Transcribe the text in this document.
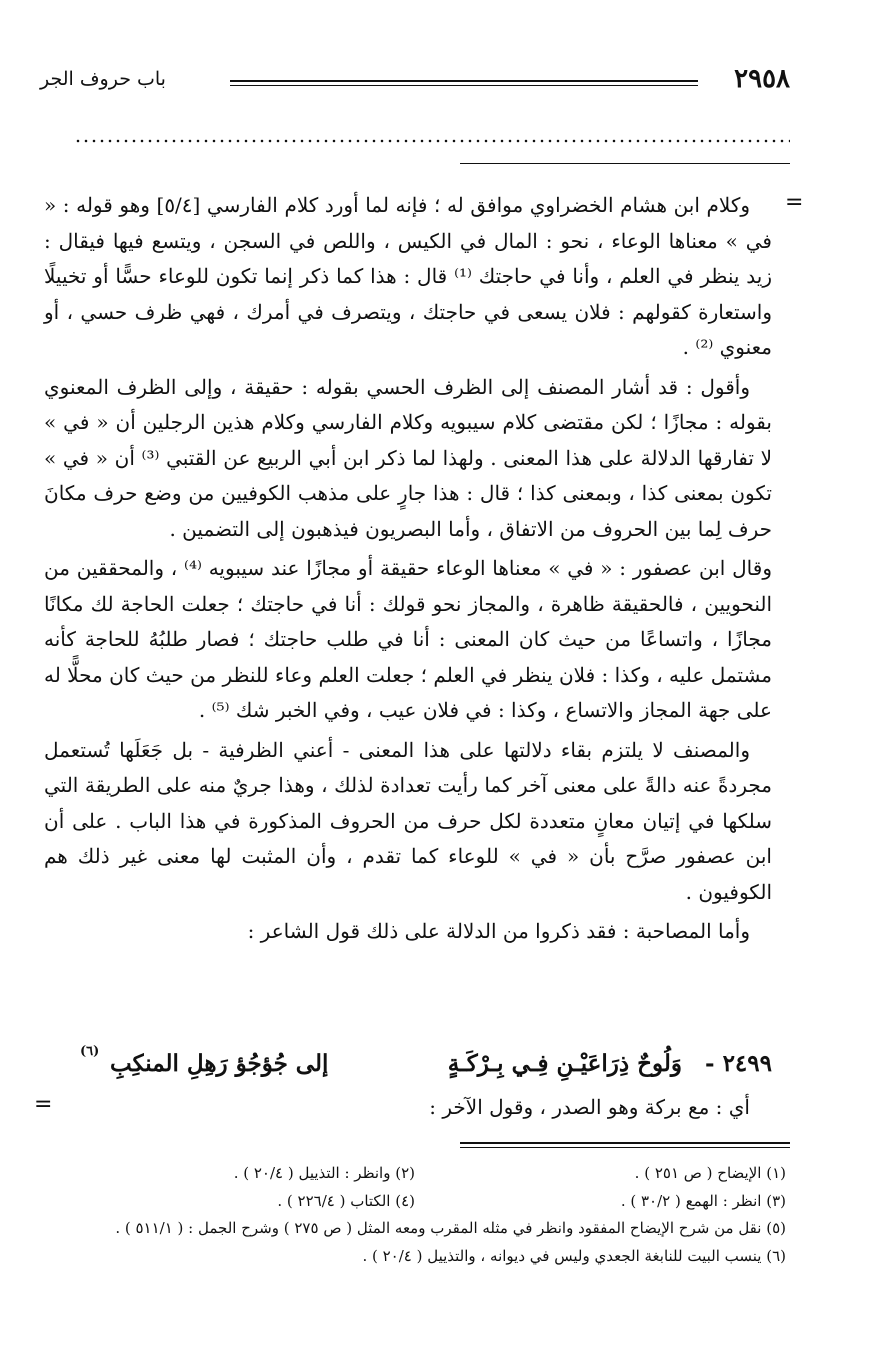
٢٩٥٨
باب حروف الجر
=

وكلام ابن هشام الخضراوي موافق له ؛ فإنه لما أورد كلام الفارسي [٥/٤] وهو قوله : « في » معناها الوعاء ، نحو : المال في الكيس ، واللص في السجن ، ويتسع فيها فيقال : زيد ينظر في العلم ، وأنا في حاجتك ⁽¹⁾ قال : هذا كما ذكر إنما تكون للوعاء حسًّا أو تخييلًا واستعارة كقولهم : فلان يسعى في حاجتك ، ويتصرف في أمرك ، فهي ظرف حسي ، أو معنوي ⁽²⁾ .

وأقول : قد أشار المصنف إلى الظرف الحسي بقوله : حقيقة ، وإلى الظرف المعنوي بقوله : مجازًا ؛ لكن مقتضى كلام سيبويه وكلام الفارسي وكلام هذين الرجلين أن « في » لا تفارقها الدلالة على هذا المعنى . ولهذا لما ذكر ابن أبي الربيع عن القتبي ⁽³⁾ أن « في » تكون بمعنى كذا ، وبمعنى كذا ؛ قال : هذا جارٍ على مذهب الكوفيين من وضع حرف مكانَ حرف لِما بين الحروف من الاتفاق ، وأما البصريون فيذهبون إلى التضمين .

وقال ابن عصفور : « في » معناها الوعاء حقيقة أو مجازًا عند سيبويه ⁽⁴⁾ ، والمحققين من النحويين ، فالحقيقة ظاهرة ، والمجاز نحو قولك : أنا في حاجتك ؛ جعلت الحاجة لك مكانًا مجازًا ، واتساعًا من حيث كان المعنى : أنا في طلب حاجتك ؛ فصار طلبُهُ للحاجة كأنه مشتمل عليه ، وكذا : فلان ينظر في العلم ؛ جعلت العلم وعاء للنظر من حيث كان محلًّا له على جهة المجاز والاتساع ، وكذا : في فلان عيب ، وفي الخبر شك ⁽⁵⁾ .

والمصنف لا يلتزم بقاء دلالتها على هذا المعنى - أعني الظرفية - بل جَعَلَها تُستعمل مجردةً عنه دالةً على معنى آخر كما رأيت تعدادة لذلك ، وهذا جريٌ منه على الطريقة التي سلكها في إتيان معانٍ متعددة لكل حرف من الحروف المذكورة في هذا الباب . على أن ابن عصفور صرَّح بأن « في » للوعاء كما تقدم ، وأن المثبت لها معنى غير ذلك هم الكوفيون .

وأما المصاحبة : فقد ذكروا من الدلالة على ذلك قول الشاعر :

٢٤٩٩ -
وَلُوحٌ ذِرَاعَيْـنِ فِـي بِـرْكَـةٍ
إلى جُؤجُؤ رَهِلِ المنكِبِ
(٦)
أي : مع بركة وهو الصدر ، وقول الآخر :
=
(١) الإيضاح ( ص ٢٥١ ) .
(٢) وانظر : التذييل ( ٢٠/٤ ) .
(٣) انظر : الهمع ( ٣٠/٢ ) .
(٤) الكتاب ( ٢٢٦/٤ ) .
(٥) نقل من شرح الإيضاح المفقود وانظر في مثله المقرب ومعه المثل ( ص ٢٧٥ ) وشرح الجمل : ( ٥١١/١ ) .
(٦) ينسب البيت للنابغة الجعدي وليس في ديوانه ، والتذييل ( ٢٠/٤ ) .
